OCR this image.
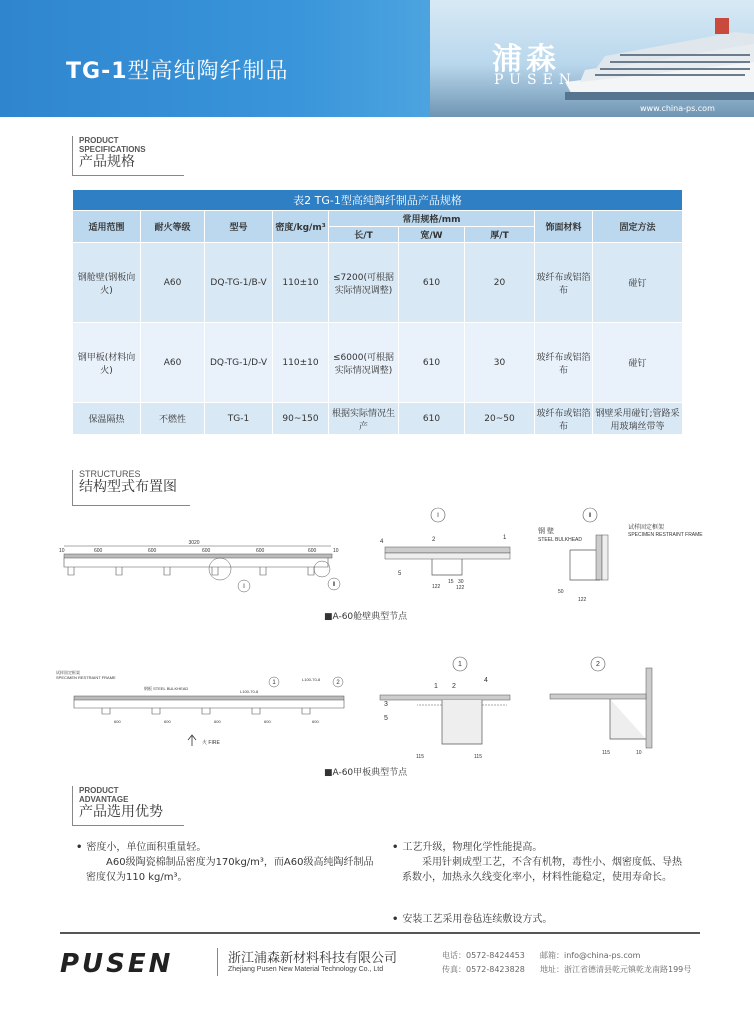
TG-1型高纯陶纤制品	浦森
PUSEN
www.china-ps.com
PRODUCT
SPECIFICATIONS
产品规格
表2 TG-1型高纯陶纤制品产品规格								
适用范围	耐火等级	型号	密度/kg/m³	常用规格/mm			饰面材料	固定方法
				长/T	宽/W	厚/T		
钢舱壁(钢板向火)	A60	DQ-TG-1/B-V	110±10	≤7200(可根据实际情况调整)	610	20	玻纤布或铝箔布	碰钉
钢甲板(材料向火)	A60	DQ-TG-1/D-V	110±10	≤6000(可根据实际情况调整)	610	30	玻纤布或铝箔布	碰钉
保温隔热	不燃性	TG-1	90~150	根据实际情况生产	610	20~50	玻纤布或铝箔布	钢壁采用碰钉;管路采用玻璃丝带等
STRUCTURES
结构型式布置图
3020
10	10
600	600	600	600	600
Ⅰ	Ⅱ
Ⅰ
4	2	1
5
122
15 30
122
Ⅱ
钢 壁
STEEL BULKHEAD
试样固定框架
SPECIMEN RESTRAINT FRAME
50
122
■A-60舱壁典型节点
试样固定框架
SPECIMEN RESTRAINT FRAME
钢板 STEEL BULKHEAD
L100-70-8
L100-70-8
1	2
600	600	600	600	600
火 FIRE
1
1 2
4
3
5
115	115
2
115	10
■A-60甲板典型节点
PRODUCT
ADVANTAGE
产品选用优势
• 密度小，单位面积重量轻。
A60级陶瓷棉制品密度为170kg/m³，而A60级高纯陶纤制品密度仅为110 kg/m³。
• 工艺升级，物理化学性能提高。
采用针刺成型工艺，不含有机物，毒性小、烟密度低、导热系数小，加热永久线变化率小，材料性能稳定，使用寿命长。
• 安装工艺采用卷毡连续敷设方式。
PUSEN	浙江浦森新材料科技有限公司
Zhejiang Pusen New Material Technology Co., Ltd
电话：0572-8424453
传真：0572-8423828
邮箱：info@china-ps.com
地址：浙江省德清县乾元镇乾龙南路199号
